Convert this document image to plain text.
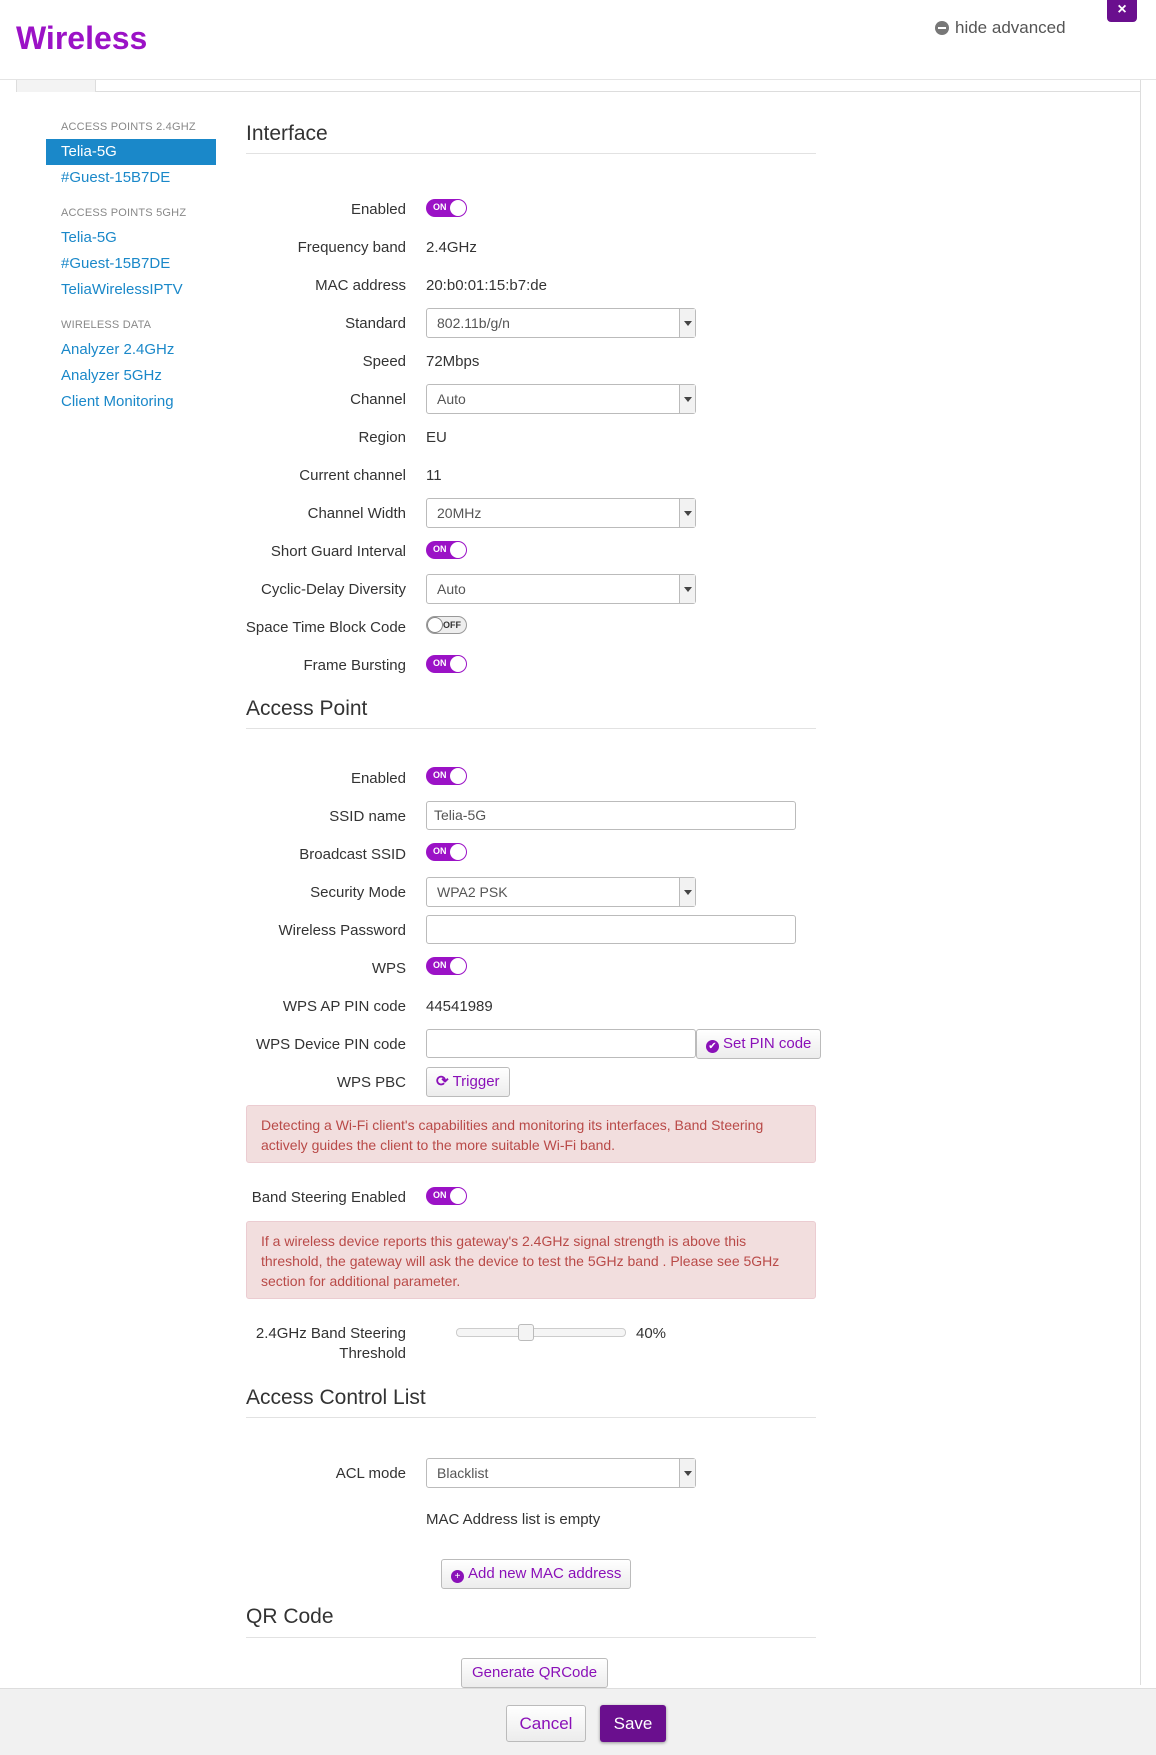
Wireless	hide advanced
×
ACCESS POINTS 2.4GHZ
Telia-5G
#Guest-15B7DE
ACCESS POINTS 5GHZ
Telia-5G
#Guest-15B7DE
TeliaWirelessIPTV
WIRELESS DATA
Analyzer 2.4GHz
Analyzer 5GHz
Client Monitoring
Interface
Enabled	ON
Frequency band 2.4GHz
MAC address 20:b0:01:15:b7:de
Standard	802.11b/g/n
Speed 72Mbps
Channel	Auto
Region EU
Current channel 11
Channel Width	20MHz
Short Guard Interval	ON
Cyclic-Delay Diversity	Auto
Space Time Block Code	OFF
Frame Bursting	ON
Access Point
Enabled	ON
SSID name	Telia-5G
Broadcast SSID	ON
Security Mode	WPA2 PSK
Wireless Password
WPS	ON
WPS AP PIN code 44541989
WPS Device PIN code	✔ Set PIN code
WPS PBC	⟳ Trigger
Detecting a Wi-Fi client's capabilities and monitoring its interfaces, Band Steering actively guides the client to the more suitable Wi-Fi band.
Band Steering Enabled	ON
If a wireless device reports this gateway's 2.4GHz signal strength is above this threshold, the gateway will ask the device to test the 5GHz band . Please see 5GHz section for additional parameter.
2.4GHz Band Steering
Threshold
40%
Access Control List
ACL mode	Blacklist
MAC Address list is empty
+ Add new MAC address
QR Code
Generate QRCode
Cancel	Save
